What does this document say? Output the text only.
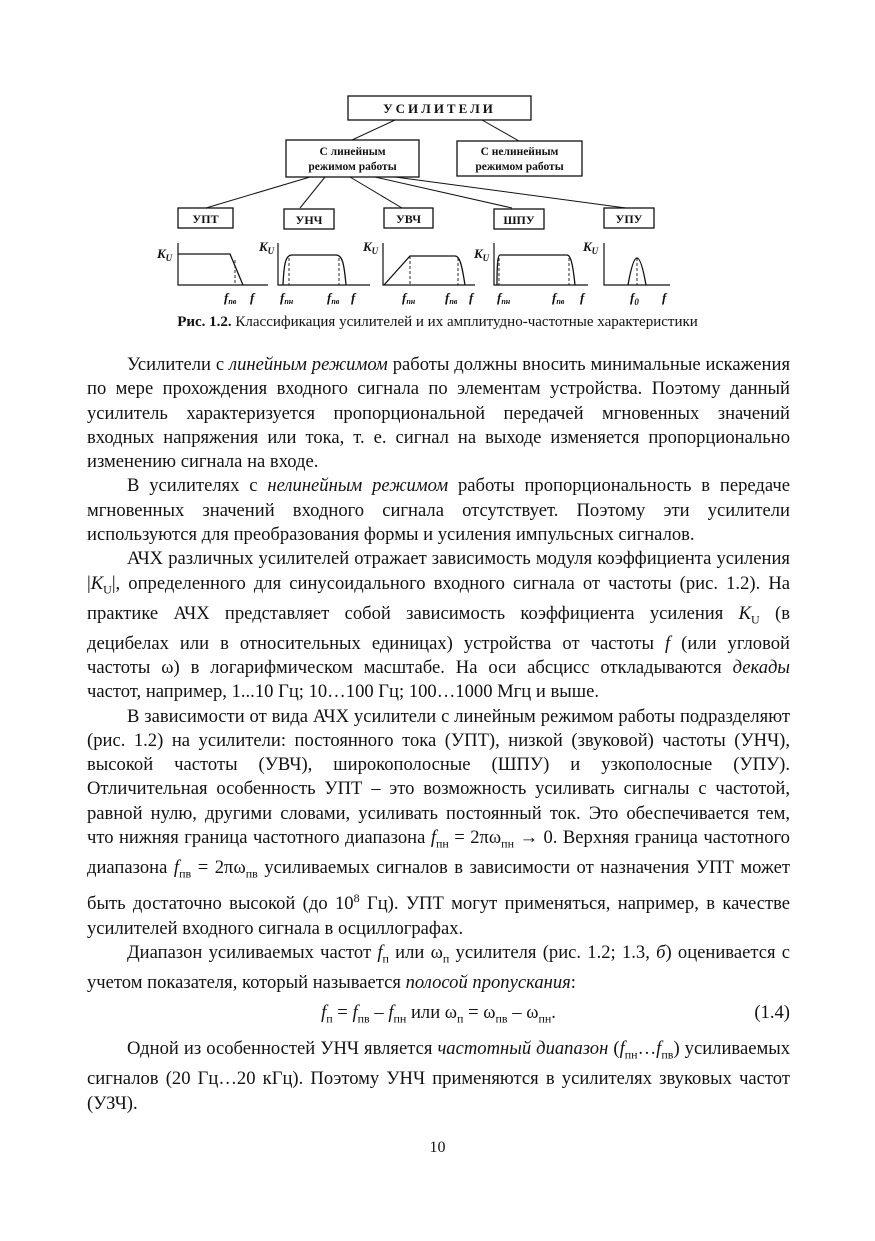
УСИЛИТЕЛИ
С линейным
режимом работы
С нелинейным
режимом работы
УПТ	УНЧ	УВЧ	ШПУ	УПУ
$K_U$
$K_U$	$K_U$	$K_U$
$K_U$
fпв f fпн	fпв f	fпн fпв f fпн	fпв f	$f_0$ f
Рис. 1.2. Классификация усилителей и их амплитудно-частотные характеристики

Усилители с линейным режимом работы должны вносить минимальные искажения по мере прохождения входного сигнала по элементам устройства. Поэтому данный усилитель характеризуется пропорциональной передачей мгновенных значений входных напряжения или тока, т. е. сигнал на выходе изменяется пропорционально изменению сигнала на входе.

В усилителях с нелинейным режимом работы пропорциональность в передаче мгновенных значений входного сигнала отсутствует. Поэтому эти усилители используются для преобразования формы и усиления импульсных сигналов.

АЧХ различных усилителей отражает зависимость модуля коэффициента усиления $|K_U|$, определенного для синусоидального входного сигнала от частоты (рис. 1.2). На практике АЧХ представляет собой зависимость коэффициента усиления $K_U$ (в децибелах или в относительных единицах) устройства от частоты f (или угловой частоты ω) в логарифмическом масштабе. На оси абсцисс откладываются декады частот, например, 1...10 Гц; 10…100 Гц; 100…1000 Мгц и выше.

В зависимости от вида АЧХ усилители с линейным режимом работы подразделяют (рис. 1.2) на усилители: постоянного тока (УПТ), низкой (звуковой) частоты (УНЧ), высокой частоты (УВЧ), широкополосные (ШПУ) и узкополосные (УПУ). Отличительная особенность УПТ – это возможность усиливать сигналы с частотой, равной нулю, другими словами, усиливать постоянный ток. Это обеспечивается тем, что нижняя граница частотного диапазона $f_{пн} = 2\pi\omega_{пн} \to 0$. Верхняя граница частотного диапазона $f_{пв} = 2\pi\omega_{пв}$ усиливаемых сигналов в зависимости от назначения УПТ может быть достаточно высокой (до $10^8$ Гц). УПТ могут применяться, например, в качестве усилителей входного сигнала в осциллографах.

Диапазон усиливаемых частот $f_п$ или $\omega_п$ усилителя (рис. 1.2; 1.3, б) оценивается с учетом показателя, который называется полосой пропускания:

$f_п = f_{пв} - f_{пн}$ или $\omega_п = \omega_{пв} - \omega_{пн}$.	(1.4)

Одной из особенностей УНЧ является частотный диапазон $(f_{пн}\dots f_{пв})$ усиливаемых сигналов (20 Гц…20 кГц). Поэтому УНЧ применяются в усилителях звуковых частот (УЗЧ).

10
